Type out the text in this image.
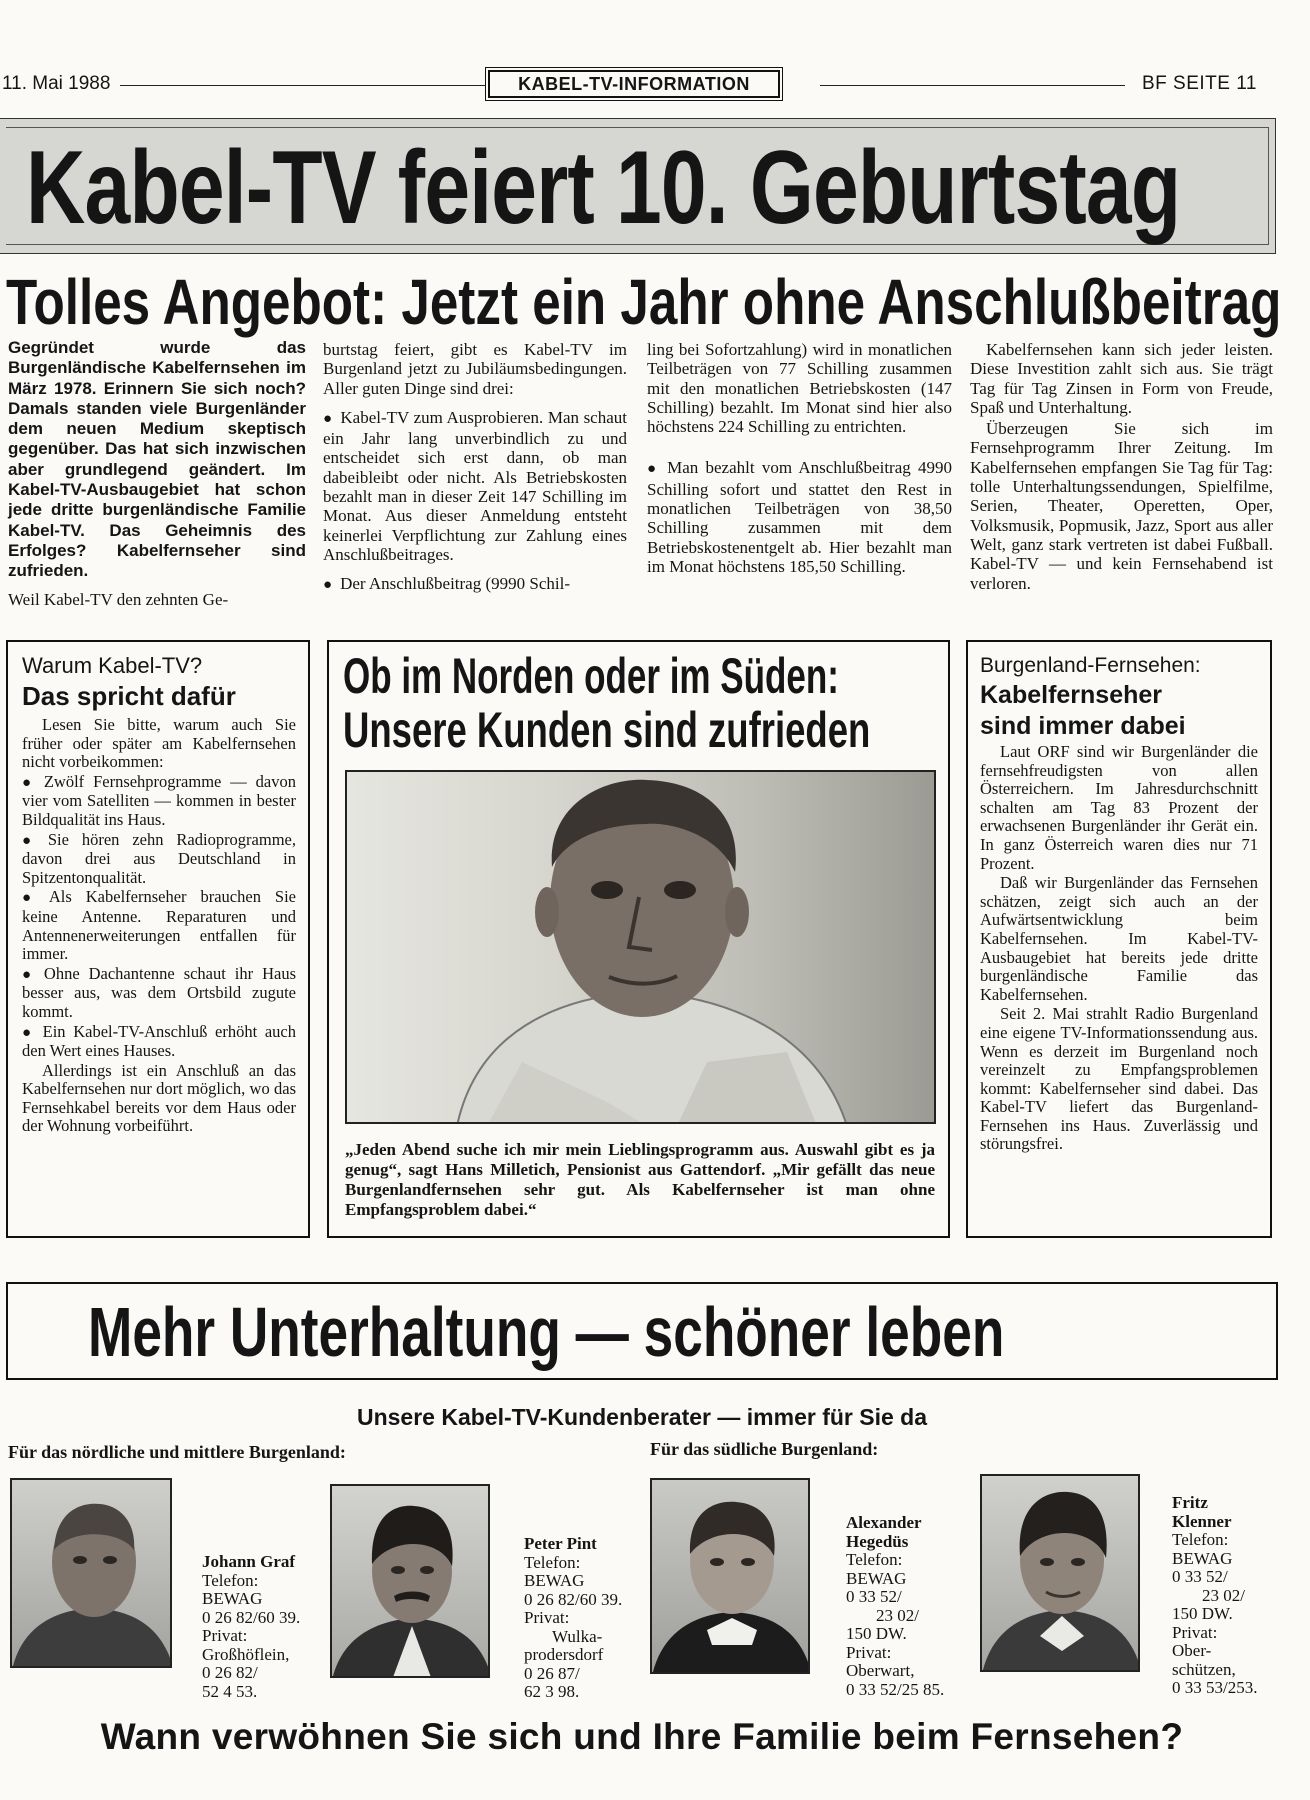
11. Mai 1988	KABEL-TV-INFORMATION	BF SEITE 11
Kabel-TV feiert 10. Geburtstag
Tolles Angebot: Jetzt ein Jahr ohne Anschlußbeitrag

Gegründet wurde das Burgenländische Kabelfernsehen im März 1978. Erinnern Sie sich noch? Damals standen viele Burgenländer dem neuen Medium skeptisch gegenüber. Das hat sich inzwischen aber grundlegend geändert. Im Kabel-TV-Ausbaugebiet hat schon jede dritte burgenländische Familie Kabel-TV. Das Geheimnis des Erfolges? Kabelfernseher sind zufrieden.

Weil Kabel-TV den zehnten Ge-

burtstag feiert, gibt es Kabel-TV im Burgenland jetzt zu Jubiläumsbedingungen. Aller guten Dinge sind drei:

● Kabel-TV zum Ausprobieren. Man schaut ein Jahr lang unverbindlich zu und entscheidet sich erst dann, ob man dabeibleibt oder nicht. Als Betriebskosten bezahlt man in dieser Zeit 147 Schilling im Monat. Aus dieser Anmeldung entsteht keinerlei Verpflichtung zur Zahlung eines Anschlußbeitrages.

● Der Anschlußbeitrag (9990 Schil-

ling bei Sofortzahlung) wird in monatlichen Teilbeträgen von 77 Schilling zusammen mit den monatlichen Betriebskosten (147 Schilling) bezahlt. Im Monat sind hier also höchstens 224 Schilling zu entrichten.

● Man bezahlt vom Anschlußbeitrag 4990 Schilling sofort und stattet den Rest in monatlichen Teilbeträgen von 38,50 Schilling zusammen mit dem Betriebskostenentgelt ab. Hier bezahlt man im Monat höchstens 185,50 Schilling.

Kabelfernsehen kann sich jeder leisten. Diese Investition zahlt sich aus. Sie trägt Tag für Tag Zinsen in Form von Freude, Spaß und Unterhaltung.

Überzeugen Sie sich im Fernsehprogramm Ihrer Zeitung. Im Kabelfernsehen empfangen Sie Tag für Tag: tolle Unterhaltungssendungen, Spielfilme, Serien, Theater, Operetten, Oper, Volksmusik, Popmusik, Jazz, Sport aus aller Welt, ganz stark vertreten ist dabei Fußball. Kabel-TV — und kein Fernsehabend ist verloren.

Warum Kabel-TV?
Das spricht dafür

Lesen Sie bitte, warum auch Sie früher oder später am Kabelfernsehen nicht vorbeikommen:

● Zwölf Fernsehprogramme — davon vier vom Satelliten — kommen in bester Bildqualität ins Haus.

● Sie hören zehn Radioprogramme, davon drei aus Deutschland in Spitzentonqualität.

● Als Kabelfernseher brauchen Sie keine Antenne. Reparaturen und Antennenerweiterungen entfallen für immer.

● Ohne Dachantenne schaut ihr Haus besser aus, was dem Ortsbild zugute kommt.

● Ein Kabel-TV-Anschluß erhöht auch den Wert eines Hauses.

Allerdings ist ein Anschluß an das Kabelfernsehen nur dort möglich, wo das Fernsehkabel bereits vor dem Haus oder der Wohnung vorbeiführt.

Ob im Norden oder im Süden:
Unsere Kunden sind zufrieden
„Jeden Abend suche ich mir mein Lieblingsprogramm aus. Auswahl gibt es ja genug“, sagt Hans Milletich, Pensionist aus Gattendorf. „Mir gefällt das neue Burgenlandfernsehen sehr gut. Als Kabelfernseher ist man ohne Empfangsproblem dabei.“
Burgenland-Fernsehen:
Kabelfernseher
sind immer dabei

Laut ORF sind wir Burgenländer die fernsehfreudigsten von allen Österreichern. Im Jahresdurchschnitt schalten am Tag 83 Prozent der erwachsenen Burgenländer ihr Gerät ein. In ganz Österreich waren dies nur 71 Prozent.

Daß wir Burgenländer das Fernsehen schätzen, zeigt sich auch an der Aufwärtsentwicklung beim Kabelfernsehen. Im Kabel-TV-Ausbaugebiet hat bereits jede dritte burgenländische Familie das Kabelfernsehen.

Seit 2. Mai strahlt Radio Burgenland eine eigene TV-Informationssendung aus. Wenn es derzeit im Burgenland noch vereinzelt zu Empfangsproblemen kommt: Kabelfernseher sind dabei. Das Kabel-TV liefert das Burgenland-Fernsehen ins Haus. Zuverlässig und störungsfrei.

Mehr Unterhaltung — schöner leben
Unsere Kabel-TV-Kundenberater — immer für Sie da
Für das nördliche und mittlere Burgenland:	Für das südliche Burgenland:
Johann Graf
Telefon:
BEWAG
0 26 82/60 39.
Privat:
Großhöflein,
0 26 82/
52 4 53.
Peter Pint
Telefon:
BEWAG
0 26 82/60 39.
Privat:
Wulka-
prodersdorf
0 26 87/
62 3 98.
Alexander Hegedüs
Telefon:
BEWAG
0 33 52/
23 02/
150 DW.
Privat:
Oberwart,
0 33 52/25 85.
Fritz Klenner
Telefon:
BEWAG
0 33 52/
23 02/
150 DW.
Privat:
Ober-
schützen,
0 33 53/253.
Wann verwöhnen Sie sich und Ihre Familie beim Fernsehen?
